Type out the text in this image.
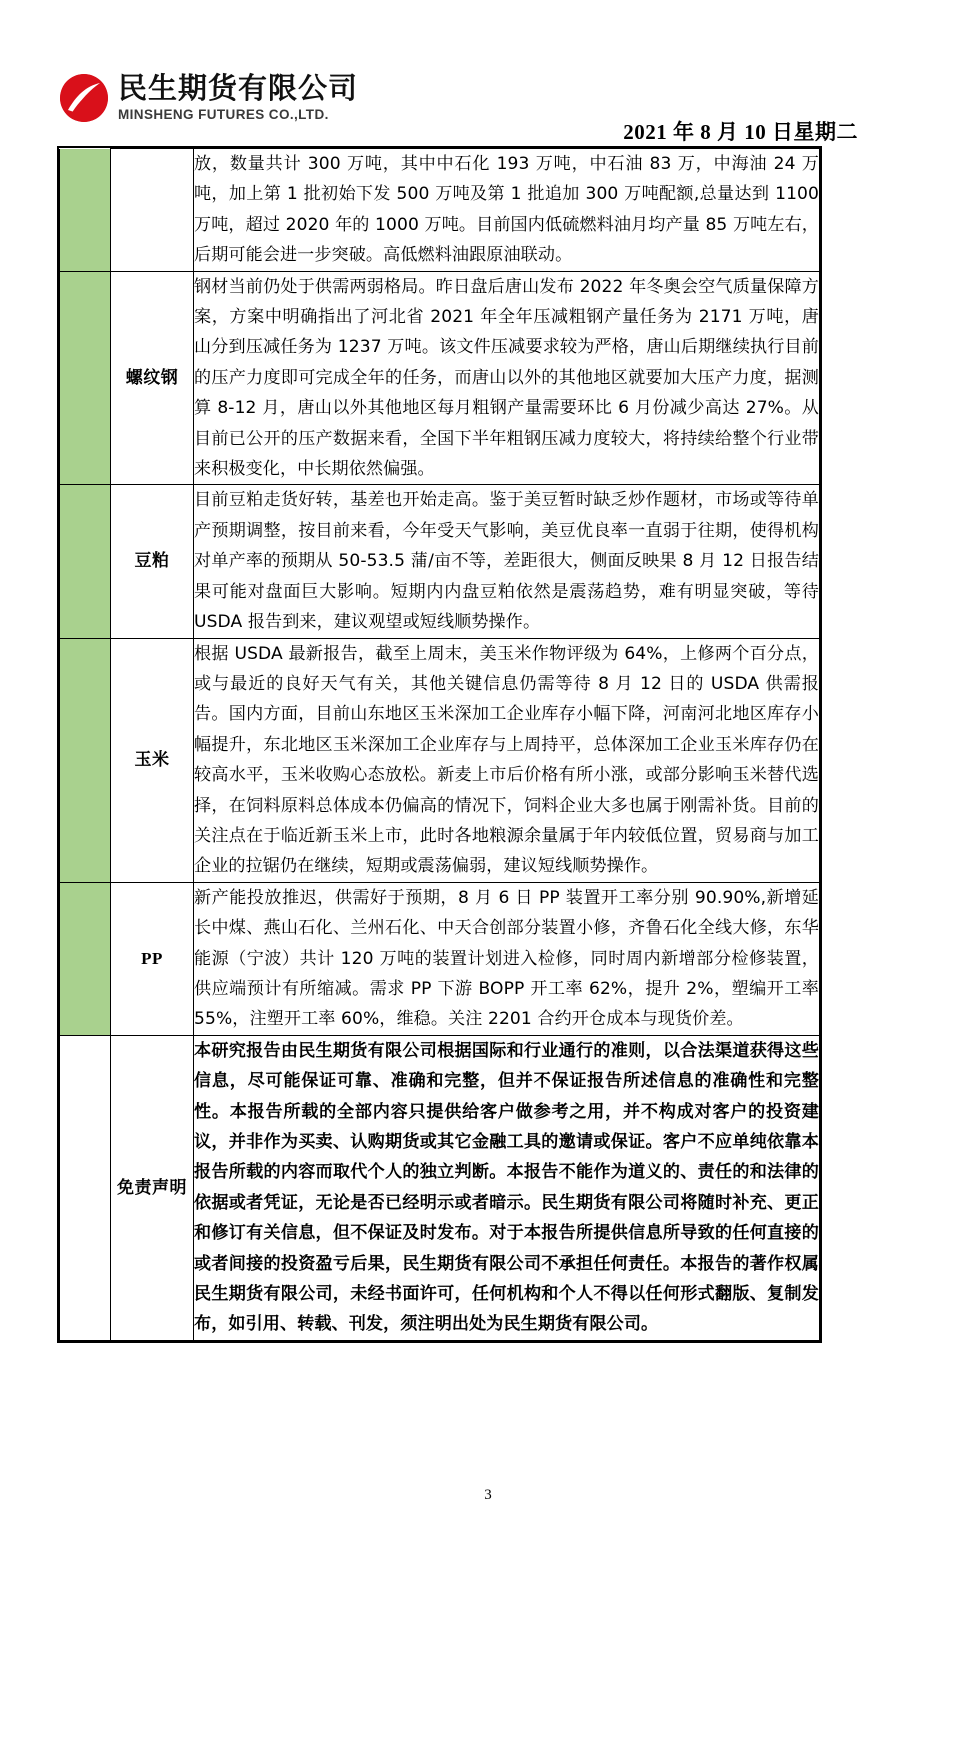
民生期货有限公司
MINSHENG FUTURES CO.,LTD.
2021 年 8 月 10 日星期二
		放，数量共计 300 万吨，其中中石化 193 万吨，中石油 83 万，中海油 24 万吨，加上第 1 批初始下发 500 万吨及第 1 批追加 300 万吨配额,总量达到 1100 万吨，超过 2020 年的 1000 万吨。目前国内低硫燃料油月均产量 85 万吨左右，后期可能会进一步突破。高低燃料油跟原油联动。
	螺纹钢	钢材当前仍处于供需两弱格局。昨日盘后唐山发布 2022 年冬奥会空气质量保障方案，方案中明确指出了河北省 2021 年全年压减粗钢产量任务为 2171 万吨，唐山分到压减任务为 1237 万吨。该文件压减要求较为严格，唐山后期继续执行目前的压产力度即可完成全年的任务，而唐山以外的其他地区就要加大压产力度，据测算 8-12 月，唐山以外其他地区每月粗钢产量需要环比 6 月份减少高达 27%。从目前已公开的压产数据来看，全国下半年粗钢压减力度较大，将持续给整个行业带来积极变化，中长期依然偏强。
	豆粕	目前豆粕走货好转，基差也开始走高。鉴于美豆暂时缺乏炒作题材，市场或等待单产预期调整，按目前来看，今年受天气影响，美豆优良率一直弱于往期，使得机构对单产率的预期从 50-53.5 蒲/亩不等，差距很大，侧面反映果 8 月 12 日报告结果可能对盘面巨大影响。短期内内盘豆粕依然是震荡趋势，难有明显突破，等待 USDA 报告到来，建议观望或短线顺势操作。
	玉米	根据 USDA 最新报告，截至上周末，美玉米作物评级为 64%，上修两个百分点，或与最近的良好天气有关，其他关键信息仍需等待 8 月 12 日的 USDA 供需报告。国内方面，目前山东地区玉米深加工企业库存小幅下降，河南河北地区库存小幅提升，东北地区玉米深加工企业库存与上周持平，总体深加工企业玉米库存仍在较高水平，玉米收购心态放松。新麦上市后价格有所小涨，或部分影响玉米替代选择，在饲料原料总体成本仍偏高的情况下，饲料企业大多也属于刚需补货。目前的关注点在于临近新玉米上市，此时各地粮源余量属于年内较低位置，贸易商与加工企业的拉锯仍在继续，短期或震荡偏弱，建议短线顺势操作。
	PP	新产能投放推迟，供需好于预期，8 月 6 日 PP 装置开工率分别 90.90%,新增延长中煤、燕山石化、兰州石化、中天合创部分装置小修，齐鲁石化全线大修，东华能源（宁波）共计 120 万吨的装置计划进入检修，同时周内新增部分检修装置，供应端预计有所缩减。需求 PP 下游 BOPP 开工率 62%，提升 2%，塑编开工率 55%，注塑开工率 60%，维稳。关注 2201 合约开仓成本与现货价差。
	免责声明	本研究报告由民生期货有限公司根据国际和行业通行的准则，以合法渠道获得这些信息，尽可能保证可靠、准确和完整，但并不保证报告所述信息的准确性和完整性。本报告所载的全部内容只提供给客户做参考之用，并不构成对客户的投资建议，并非作为买卖、认购期货或其它金融工具的邀请或保证。客户不应单纯依靠本报告所载的内容而取代个人的独立判断。本报告不能作为道义的、责任的和法律的依据或者凭证，无论是否已经明示或者暗示。民生期货有限公司将随时补充、更正和修订有关信息，但不保证及时发布。对于本报告所提供信息所导致的任何直接的或者间接的投资盈亏后果，民生期货有限公司不承担任何责任。本报告的著作权属民生期货有限公司，未经书面许可，任何机构和个人不得以任何形式翻版、复制发布，如引用、转载、刊发，须注明出处为民生期货有限公司。
3
